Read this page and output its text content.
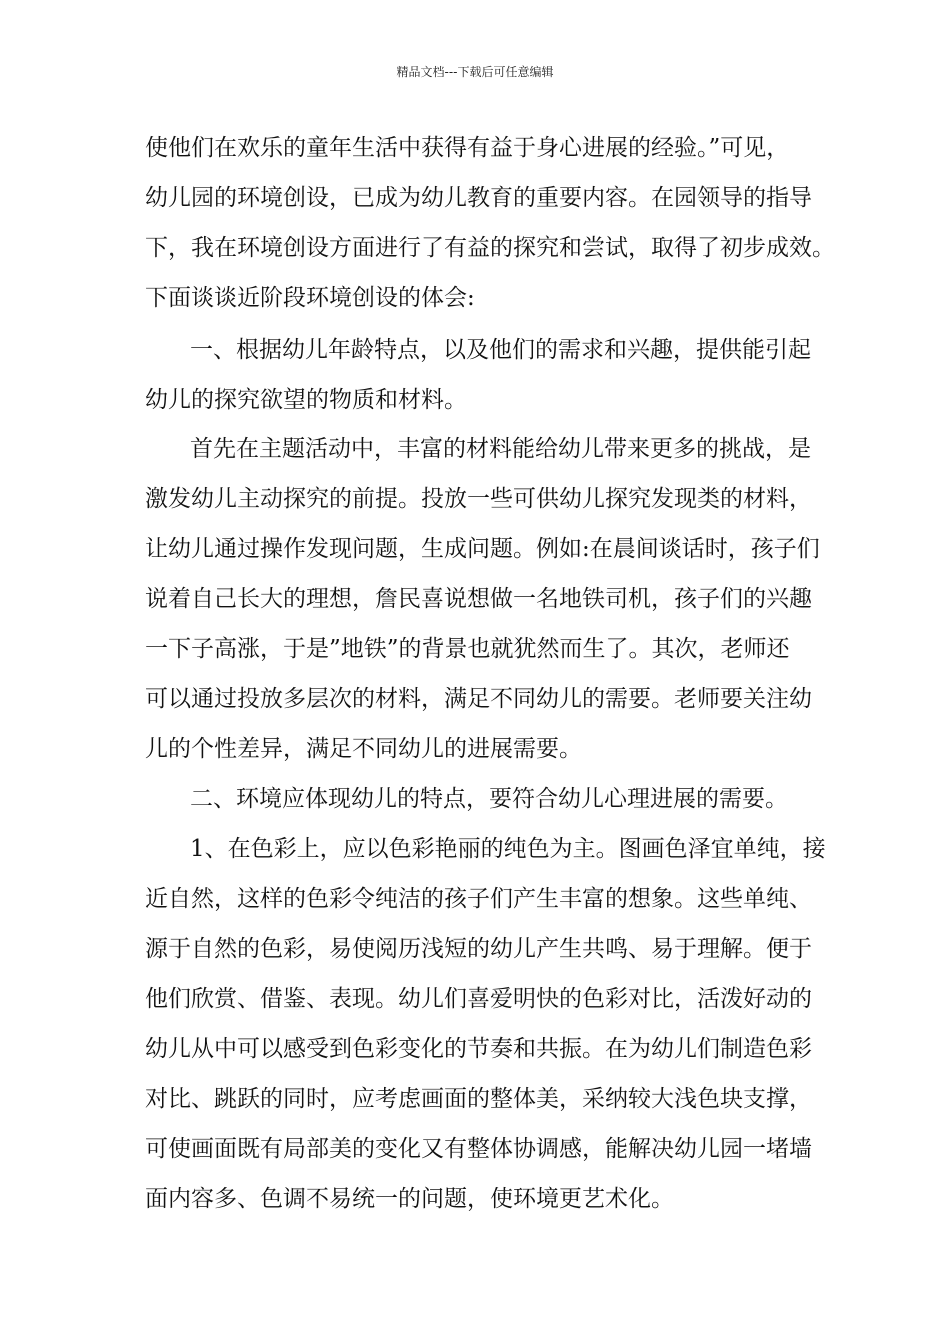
精品文档---下载后可任意编辑
使他们在欢乐的童年生活中获得有益于身心进展的经验。”可见，
幼儿园的环境创设，已成为幼儿教育的重要内容。在园领导的指导
下，我在环境创设方面进行了有益的探究和尝试，取得了初步成效。
下面谈谈近阶段环境创设的体会:
一、根据幼儿年龄特点，以及他们的需求和兴趣，提供能引起
幼儿的探究欲望的物质和材料。
首先在主题活动中，丰富的材料能给幼儿带来更多的挑战，是
激发幼儿主动探究的前提。投放一些可供幼儿探究发现类的材料，
让幼儿通过操作发现问题，生成问题。例如:在晨间谈话时，孩子们
说着自己长大的理想，詹民喜说想做一名地铁司机，孩子们的兴趣
一下子高涨，于是”地铁”的背景也就犹然而生了。其次，老师还
可以通过投放多层次的材料，满足不同幼儿的需要。老师要关注幼
儿的个性差异，满足不同幼儿的进展需要。
二、环境应体现幼儿的特点，要符合幼儿心理进展的需要。
1、在色彩上，应以色彩艳丽的纯色为主。图画色泽宜单纯，接
近自然，这样的色彩令纯洁的孩子们产生丰富的想象。这些单纯、
源于自然的色彩，易使阅历浅短的幼儿产生共鸣、易于理解。便于
他们欣赏、借鉴、表现。幼儿们喜爱明快的色彩对比，活泼好动的
幼儿从中可以感受到色彩变化的节奏和共振。在为幼儿们制造色彩
对比、跳跃的同时，应考虑画面的整体美，采纳较大浅色块支撑，
可使画面既有局部美的变化又有整体协调感，能解决幼儿园一堵墙
面内容多、色调不易统一的问题，使环境更艺术化。
